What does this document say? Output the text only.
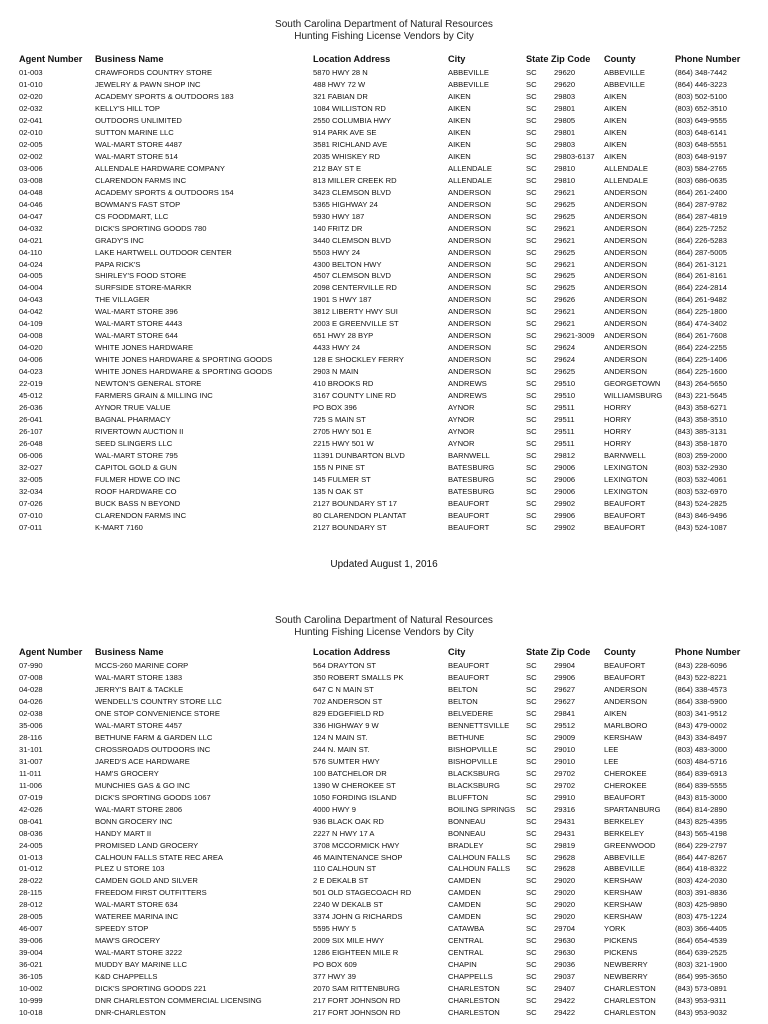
South Carolina Department of Natural Resources
Hunting Fishing License Vendors by City
Agent Number Business Name	Location Address	City	State Zip Code County	Phone Number
01-003	CRAWFORDS COUNTRY STORE	5870 HWY 28 N	ABBEVILLE	SC 29620	ABBEVILLE	(864) 348-7442
01-010	JEWELRY & PAWN SHOP INC	488 HWY 72 W	ABBEVILLE	SC 29620	ABBEVILLE	(864) 446-3223
02-020	ACADEMY SPORTS & OUTDOORS 183	321 FABIAN DR	AIKEN	SC 29803	AIKEN	(803) 502-5100
02-032	KELLY'S HILL TOP	1084 WILLISTON RD	AIKEN	SC 29801	AIKEN	(803) 652-3510
02-041	OUTDOORS UNLIMITED	2550 COLUMBIA HWY	AIKEN	SC 29805	AIKEN	(803) 649-9555
02-010	SUTTON MARINE LLC	914 PARK AVE SE	AIKEN	SC 29801	AIKEN	(803) 648-6141
02-005	WAL-MART STORE 4487	3581 RICHLAND AVE	AIKEN	SC 29803	AIKEN	(803) 648-5551
02-002	WAL-MART STORE 514	2035 WHISKEY RD	AIKEN	SC 29803-6137 AIKEN	(803) 648-9197
03-006	ALLENDALE HARDWARE COMPANY	212 BAY ST E	ALLENDALE	SC 29810	ALLENDALE	(803) 584-2765
03-008	CLARENDON FARMS INC	813 MILLER CREEK RD	ALLENDALE	SC 29810	ALLENDALE	(803) 686-0635
04-048	ACADEMY SPORTS & OUTDOORS 154	3423 CLEMSON BLVD	ANDERSON	SC 29621	ANDERSON	(864) 261-2400
04-046	BOWMAN'S FAST STOP	5365 HIGHWAY 24	ANDERSON	SC 29625	ANDERSON	(864) 287-9782
04-047	CS FOODMART, LLC	5930 HWY 187	ANDERSON	SC 29625	ANDERSON	(864) 287-4819
04-032	DICK'S SPORTING GOODS 780	140 FRITZ DR	ANDERSON	SC 29621	ANDERSON	(864) 225-7252
04-021	GRADY'S INC	3440 CLEMSON BLVD	ANDERSON	SC 29621	ANDERSON	(864) 226-5283
04-110	LAKE HARTWELL OUTDOOR CENTER	5503 HWY 24	ANDERSON	SC 29625	ANDERSON	(864) 287-5005
04-024	PAPA RICK'S	4300 BELTON HWY	ANDERSON	SC 29621	ANDERSON	(864) 261-3121
04-005	SHIRLEY'S FOOD STORE	4507 CLEMSON BLVD	ANDERSON	SC 29625	ANDERSON	(864) 261-8161
04-004	SURFSIDE STORE-MARKR	2098 CENTERVILLE RD	ANDERSON	SC 29625	ANDERSON	(864) 224-2814
04-043	THE VILLAGER	1901 S HWY 187	ANDERSON	SC 29626	ANDERSON	(864) 261-9482
04-042	WAL-MART STORE 396	3812 LIBERTY HWY SUI	ANDERSON	SC 29621	ANDERSON	(864) 225-1800
04-109	WAL-MART STORE 4443	2003 E GREENVILLE ST	ANDERSON	SC 29621	ANDERSON	(864) 474-3402
04-008	WAL-MART STORE 644	651 HWY 28 BYP	ANDERSON	SC 29621-3009 ANDERSON	(864) 261-7608
04-020	WHITE JONES HARDWARE	4433 HWY 24	ANDERSON	SC 29624	ANDERSON	(864) 224-2255
04-006	WHITE JONES HARDWARE & SPORTING GOODS	128 E SHOCKLEY FERRY	ANDERSON	SC 29624	ANDERSON	(864) 225-1406
04-023	WHITE JONES HARDWARE & SPORTING GOODS	2903 N MAIN	ANDERSON	SC 29625	ANDERSON	(864) 225-1600
22-019	NEWTON'S GENERAL STORE	410 BROOKS RD	ANDREWS	SC 29510	GEORGETOWN (843) 264-5650
45-012	FARMERS GRAIN & MILLING INC	3167 COUNTY LINE RD	ANDREWS	SC 29510	WILLIAMSBURG (843) 221-5645
26-036	AYNOR TRUE VALUE	PO BOX 396	AYNOR	SC 29511	HORRY	(843) 358-6271
26-041	BAGNAL PHARMACY	725 S MAIN ST	AYNOR	SC 29511	HORRY	(843) 358-3510
26-107	RIVERTOWN AUCTION II	2705 HWY 501 E	AYNOR	SC 29511	HORRY	(843) 385-3131
26-048	SEED SLINGERS LLC	2215 HWY 501 W	AYNOR	SC 29511	HORRY	(843) 358-1870
06-006	WAL-MART STORE 795	11391 DUNBARTON BLVD	BARNWELL	SC 29812	BARNWELL	(803) 259-2000
32-027	CAPITOL GOLD & GUN	155 N PINE ST	BATESBURG	SC 29006	LEXINGTON	(803) 532-2930
32-005	FULMER HDWE CO INC	145 FULMER ST	BATESBURG	SC 29006	LEXINGTON	(803) 532-4061
32-034	ROOF HARDWARE CO	135 N OAK ST	BATESBURG	SC 29006	LEXINGTON	(803) 532-6970
07-026	BUCK BASS N BEYOND	2127 BOUNDARY ST 17	BEAUFORT	SC 29902	BEAUFORT	(843) 524-2825
07-010	CLARENDON FARMS INC	80 CLARENDON PLANTAT	BEAUFORT	SC 29906	BEAUFORT	(843) 846-9496
07-011	K-MART 7160	2127 BOUNDARY ST	BEAUFORT	SC 29902	BEAUFORT	(843) 524-1087
Updated August 1, 2016
South Carolina Department of Natural Resources
Hunting Fishing License Vendors by City
Agent Number Business Name	Location Address	City	State Zip Code County	Phone Number
07-990	MCCS-260 MARINE CORP	564 DRAYTON ST	BEAUFORT	SC 29904	BEAUFORT	(843) 228-6096
07-008	WAL-MART STORE 1383	350 ROBERT SMALLS PK	BEAUFORT	SC 29906	BEAUFORT	(843) 522-8221
04-028	JERRY'S BAIT & TACKLE	647 C N MAIN ST	BELTON	SC 29627	ANDERSON	(864) 338-4573
04-026	WENDELL'S COUNTRY STORE LLC	702 ANDERSON ST	BELTON	SC 29627	ANDERSON	(864) 338-5900
02-038	ONE STOP CONVENIENCE STORE	829 EDGEFIELD RD	BELVEDERE	SC 29841	AIKEN	(803) 341-9512
35-006	WAL-MART STORE 4457	336 HIGHWAY 9 W	BENNETTSVILLE SC 29512	MARLBORO	(843) 479-0002
28-116	BETHUNE FARM & GARDEN LLC	124 N MAIN ST.	BETHUNE	SC 29009	KERSHAW	(843) 334-8497
31-101	CROSSROADS OUTDOORS INC	244 N. MAIN ST.	BISHOPVILLE	SC 29010	LEE	(803) 483-3000
31-007	JARED'S ACE HARDWARE	576 SUMTER HWY	BISHOPVILLE	SC 29010	LEE	(603) 484-5716
11-011	HAM'S GROCERY	100 BATCHELOR DR	BLACKSBURG	SC 29702	CHEROKEE	(864) 839-6913
11-006	MUNCHIES GAS & GO INC	1390 W CHEROKEE ST	BLACKSBURG	SC 29702	CHEROKEE	(864) 839-5555
07-019	DICK'S SPORTING GOODS 1067	1050 FORDING ISLAND	BLUFFTON	SC 29910	BEAUFORT	(843) 815-3000
42-026	WAL-MART STORE 2806	4000 HWY 9	BOILING SPRINGS SC 29316	SPARTANBURG (864) 814-2890
08-041	BONN GROCERY INC	936 BLACK OAK RD	BONNEAU	SC 29431	BERKELEY	(843) 825-4395
08-036	HANDY MART II	2227 N HWY 17 A	BONNEAU	SC 29431	BERKELEY	(843) 565-4198
24-005	PROMISED LAND GROCERY	3708 MCCORMICK HWY	BRADLEY	SC 29819	GREENWOOD	(864) 229-2797
01-013	CALHOUN FALLS STATE REC AREA	46 MAINTENANCE SHOP	CALHOUN FALLS SC 29628	ABBEVILLE	(864) 447-8267
01-012	PLEZ U STORE 103	110 CALHOUN ST	CALHOUN FALLS SC 29628	ABBEVILLE	(864) 418-8322
28-022	CAMDEN GOLD AND SILVER	2 E DEKALB ST	CAMDEN	SC 29020	KERSHAW	(803) 424-2030
28-115	FREEDOM FIRST OUTFITTERS	501 OLD STAGECOACH RD	CAMDEN	SC 29020	KERSHAW	(803) 391-8836
28-012	WAL-MART STORE 634	2240 W DEKALB ST	CAMDEN	SC 29020	KERSHAW	(803) 425-9890
28-005	WATEREE MARINA INC	3374 JOHN G RICHARDS	CAMDEN	SC 29020	KERSHAW	(803) 475-1224
46-007	SPEEDY STOP	5595 HWY 5	CATAWBA	SC 29704	YORK	(803) 366-4405
39-006	MAW'S GROCERY	2009 SIX MILE HWY	CENTRAL	SC 29630	PICKENS	(864) 654-4539
39-004	WAL-MART STORE 3222	1286 EIGHTEEN MILE R	CENTRAL	SC 29630	PICKENS	(864) 639-2525
36-021	MUDDY BAY MARINE LLC	PO BOX 609	CHAPIN	SC 29036	NEWBERRY	(803) 321-1900
36-105	K&D CHAPPELLS	377 HWY 39	CHAPPELLS	SC 29037	NEWBERRY	(864) 995-3650
10-002	DICK'S SPORTING GOODS 221	2070 SAM RITTENBURG	CHARLESTON	SC 29407	CHARLESTON	(843) 573-0891
10-999	DNR CHARLESTON COMMERCIAL LICENSING	217 FORT JOHNSON RD	CHARLESTON	SC 29422	CHARLESTON	(843) 953-9311
10-018	DNR-CHARLESTON	217 FORT JOHNSON RD	CHARLESTON	SC 29422	CHARLESTON	(843) 953-9032
